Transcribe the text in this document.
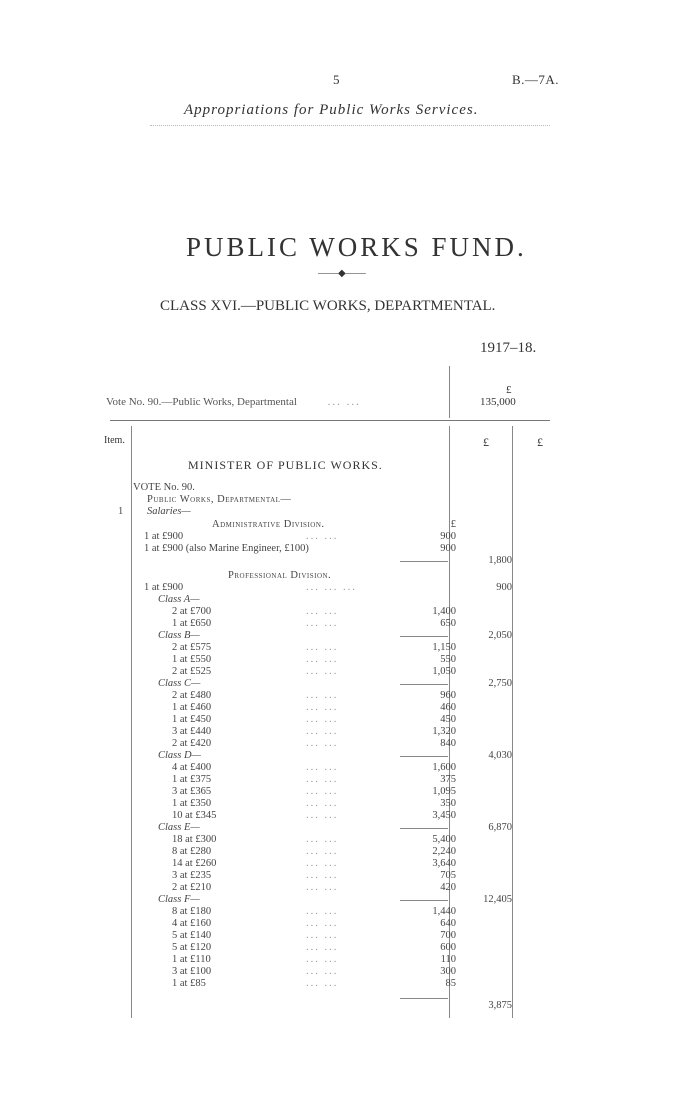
5	B.—7A.
Appropriations for Public Works Services.
PUBLIC WORKS FUND.
——◆——
CLASS XVI.—PUBLIC WORKS, DEPARTMENTAL.
1917–18.
£
Vote No. 90.—Public Works, Departmental	... ...	135,000
Item.	£	£
MINISTER OF PUBLIC WORKS.
VOTE No. 90.
Public Works, Departmental—
Salaries—
1
Administrative Division.	£
1 at £900	... ...	900
1 at £900 (also Marine Engineer, £100)	900
1,800
Professional Division.
1 at £900	... ... ...	900
Class A—
2 at £700	... ...	1,400
1 at £650	... ...	650
Class B—	2,050
2 at £575	... ...	1,150
1 at £550	... ...	550
2 at £525	... ...	1,050
Class C—	2,750
2 at £480	... ...	960
1 at £460	... ...	460
1 at £450	... ...	450
3 at £440	... ...	1,320
2 at £420	... ...	840
Class D—	4,030
4 at £400	... ...	1,600
1 at £375	... ...	375
3 at £365	... ...	1,095
1 at £350	... ...	350
10 at £345	... ...	3,450
Class E—	6,870
18 at £300	... ...	5,400
8 at £280	... ...	2,240
14 at £260	... ...	3,640
3 at £235	... ...	705
2 at £210	... ...	420
Class F—	12,405
8 at £180	... ...	1,440
4 at £160	... ...	640
5 at £140	... ...	700
5 at £120	... ...	600
1 at £110	... ...	110
3 at £100	... ...	300
1 at £85	... ...	85
3,875
